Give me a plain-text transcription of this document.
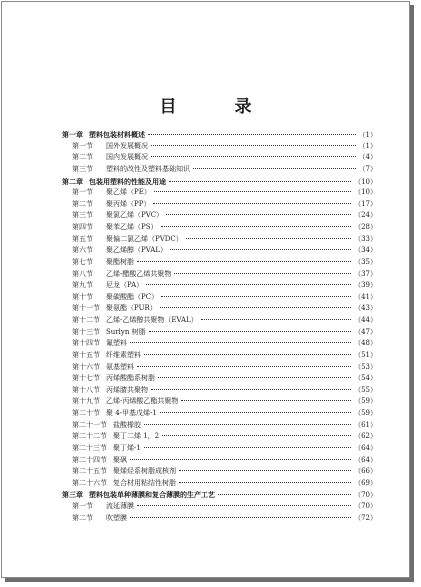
目 录
第一章 塑料包装材料概述	（1）
第一节	国外发展概况	（1）
第二节	国内发展概况	（4）
第三节	塑料的改性及塑料基础知识	（7）
第二章 包装用塑料的性能及用途	（10）
第一节	聚乙烯（PE）	（10）
第二节	聚丙烯（PP）	（17）
第三节	聚氯乙烯（PVC）	（24）
第四节	聚苯乙烯（PS）	（28）
第五节	聚偏二氯乙烯（PVDC）	（33）
第六节	聚乙烯醇（PVAL）	（34）
第七节	聚酯树脂	（35）
第八节	乙烯-醋酸乙烯共聚物	（37）
第九节	尼龙（PA）	（39）
第十节	聚碳酸酯（PC）	（41）
第十一节 聚氨酯（PUR）	（43）
第十二节 乙烯-乙烯醇共聚物（EVAL）	（44）
第十三节 Surlyn 树脂	（47）
第十四节 氟塑料	（48）
第十五节 纤维素塑料	（51）
第十六节 氨基塑料	（53）
第十七节 丙烯酸酯系树脂	（54）
第十八节 丙烯腈共聚物	（55）
第十九节 乙烯-丙烯酸乙酯共聚物	（59）
第二十节 聚 4-甲基戊烯-1	（59）
第二十一节 盐酸橡胶	（61）
第二十二节 聚丁二烯 1，2	（62）
第二十三节 聚丁烯-1	（64）
第二十四节 聚砜	（64）
第二十五节 聚烯烃系树脂成核剂	（66）
第二十六节 复合材用粘结性树脂	（69）
第三章 塑料包装单种薄膜和复合薄膜的生产工艺	（70）
第一节	流延薄膜	（70）
第二节	吹塑膜	（72）
